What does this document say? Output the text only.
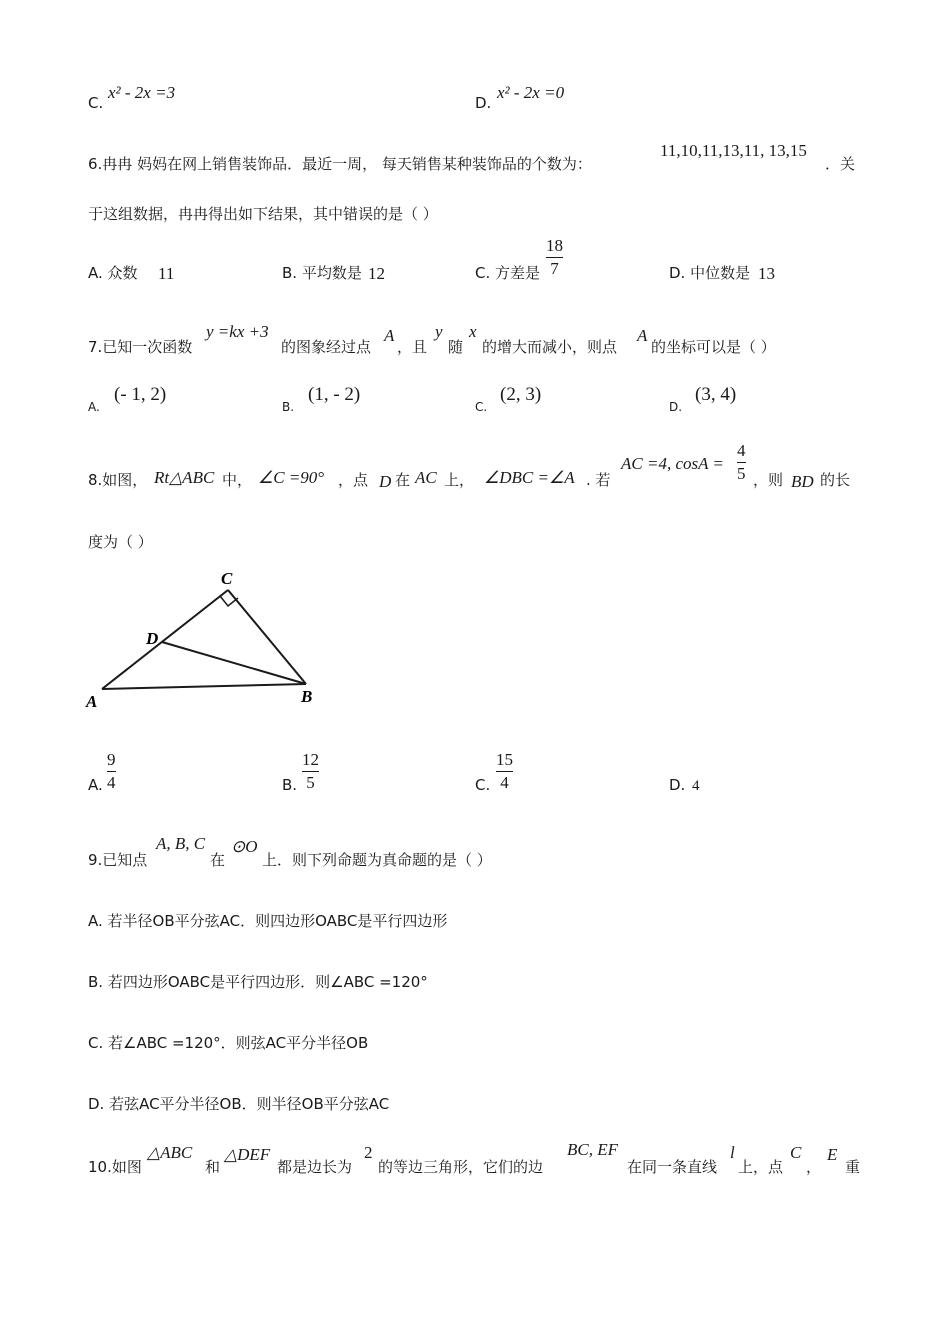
C.
x² - 2x =3
D.
x² - 2x =0
6.冉冉 妈妈在网上销售装饰品．最近一周， 每天销售某种装饰品的个数为：
11,10,11,13,11, 13,15
．关
于这组数据，冉冉得出如下结果，其中错误的是（ ）
A. 众数 11	B. 平均数是 12	C. 方差是
18
7	D. 中位数是 13
7.已知一次函数
y =kx +3
的图象经过点
A
，且
y
随
x
的增大而减小，则点
A
的坐标可以是（ ）
A.
(- 1, 2)
B.
(1, - 2)
C.
(2, 3)
D.
(3, 4)
8.如图， Rt△ABC 中， ∠C =90° ，点 D 在 AC 上， ∠DBC =∠A . 若
AC =4, cosA =
4
5 ，则 BD 的长
度为（ ）
C
D
A	B
A.
9
4	B.
12
5	C.
15
4	D. 4
9.已知点
A, B, C
在
⊙O
上．则下列命题为真命题的是（ ）
A. 若半径OB平分弦AC．则四边形OABC是平行四边形
B. 若四边形OABC是平行四边形．则∠ABC =120°
C. 若∠ABC =120°．则弦AC平分半径OB
D. 若弦AC平分半径OB．则半径OB平分弦AC
10.如图
△ABC
和
△DEF
都是边长为
2
的等边三角形，它们的边
BC, EF
在同一条直线
l
上，点
C
，
E
重
